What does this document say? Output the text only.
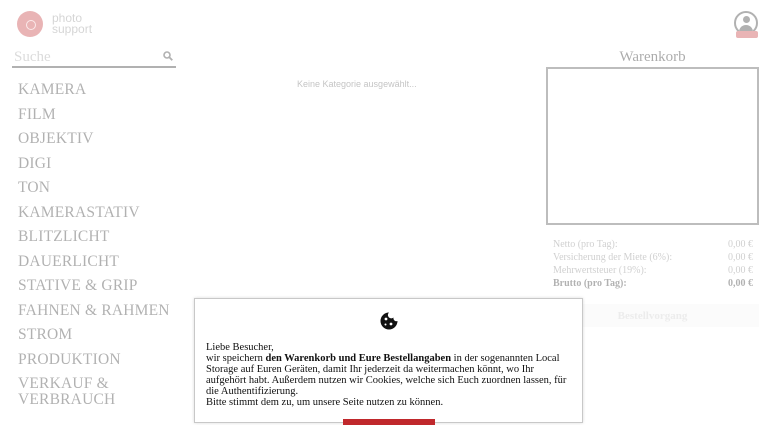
Suche

Liebe Besucher,

wir speichern den Warenkorb und Eure Bestellangaben in der sogenannten Local Storage auf Euren Geräten, damit Ihr jederzeit da weitermachen könnt, wo Ihr aufgehört habt. Außerdem nutzen wir Cookies, welche sich Euch zuordnen lassen, für die Authentifizierung.

Bitte stimmt dem zu, um unsere Seite nutzen zu können.
